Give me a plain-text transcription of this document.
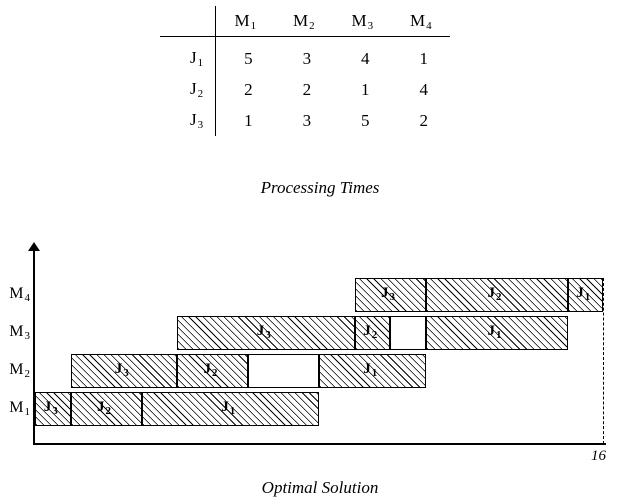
	$M_1$	$M_2$	$M_3$	$M_4$
$J_1$	5	3	4	1
$J_2$	2	2	1	4
$J_3$	1	3	5	2
Processing Times
$M_4$
$M_3$
$M_2$
$M_1$ $J_3$	$J_2$	$J_1$
$J_3$	$J_2$	$J_1$
$J_3$	$J_2$	$J_1$
$J_3$	$J_2$	$J_1$
16
Optimal Solution
